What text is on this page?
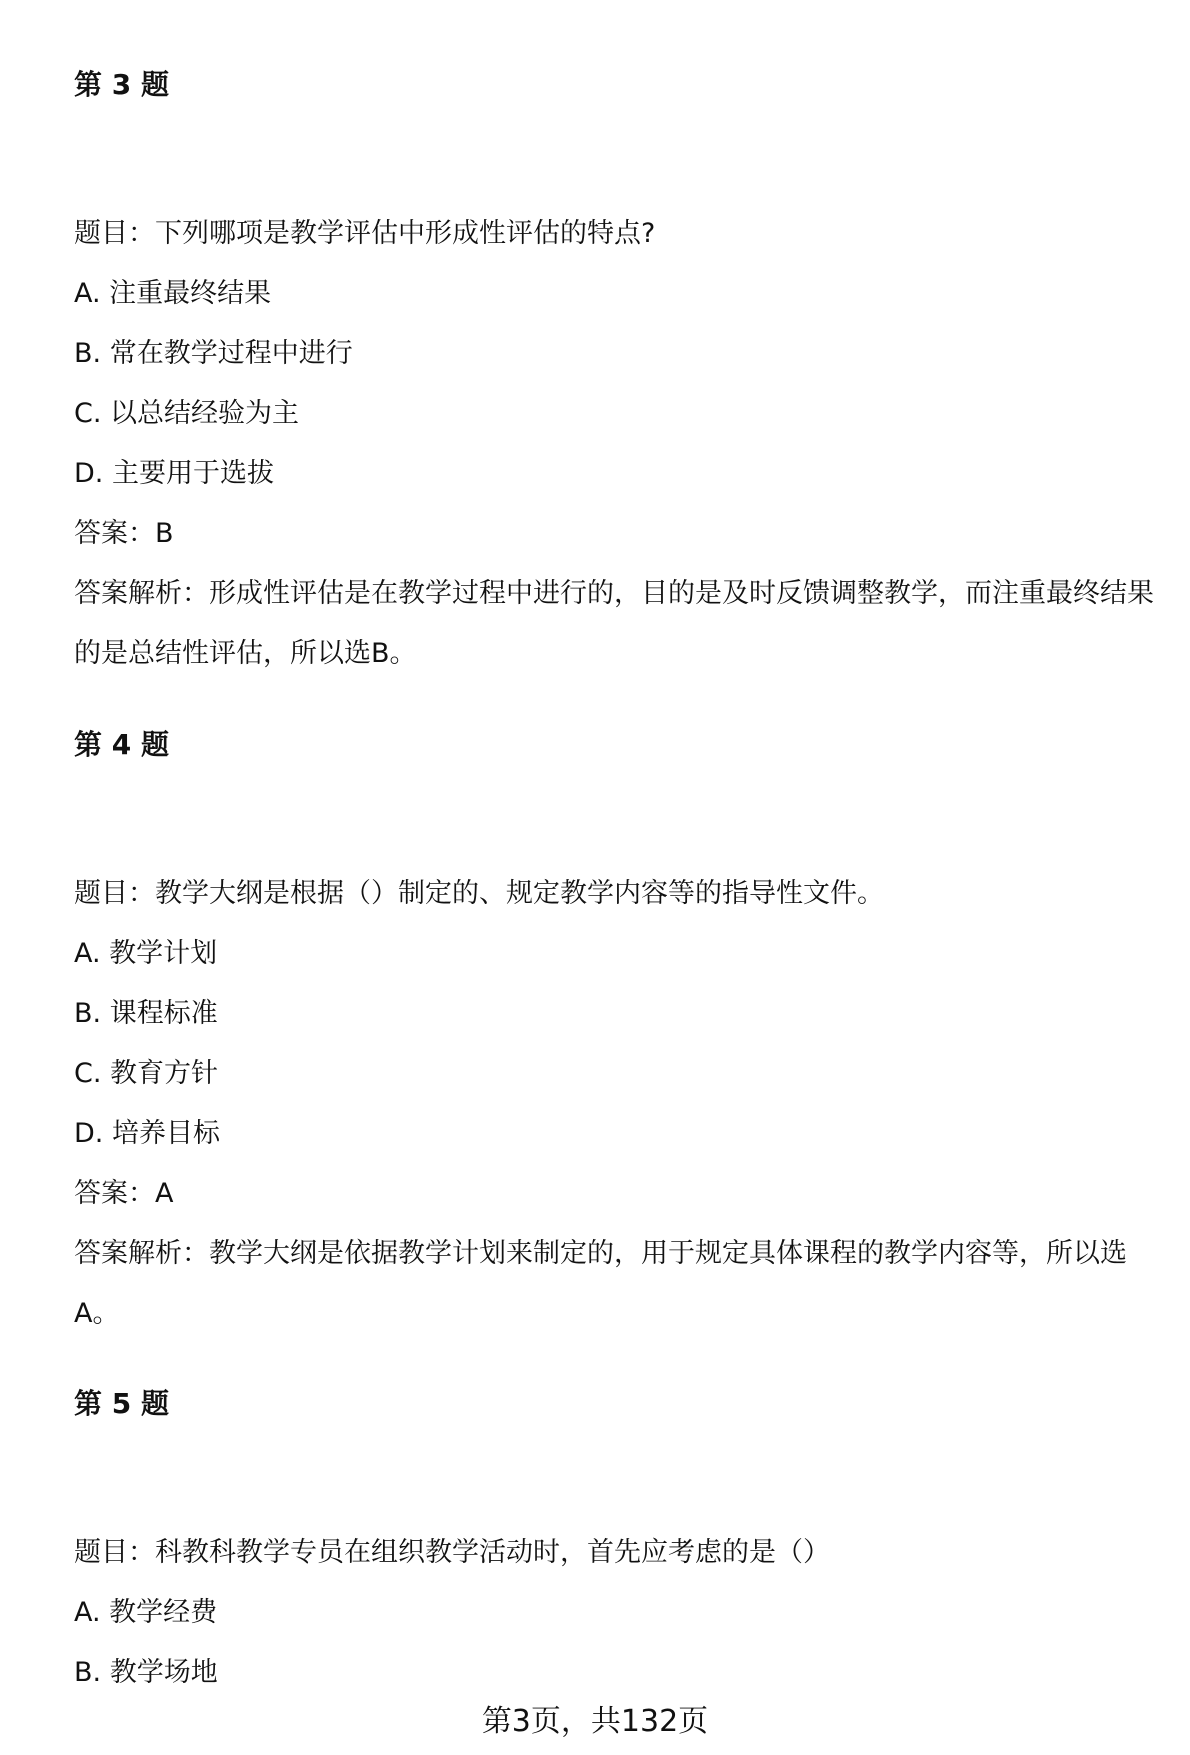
第 3 题
题目：下列哪项是教学评估中形成性评估的特点?
A. 注重最终结果
B. 常在教学过程中进行
C. 以总结经验为主
D. 主要用于选拔
答案：B
答案解析：形成性评估是在教学过程中进行的，目的是及时反馈调整教学，而注重最终结果的是总结性评估，所以选B。
第 4 题
题目：教学大纲是根据（）制定的、规定教学内容等的指导性文件。
A. 教学计划
B. 课程标准
C. 教育方针
D. 培养目标
答案：A
答案解析：教学大纲是依据教学计划来制定的，用于规定具体课程的教学内容等，所以选A。
第 5 题
题目：科教科教学专员在组织教学活动时，首先应考虑的是（）
A. 教学经费
B. 教学场地
第3页，共132页
